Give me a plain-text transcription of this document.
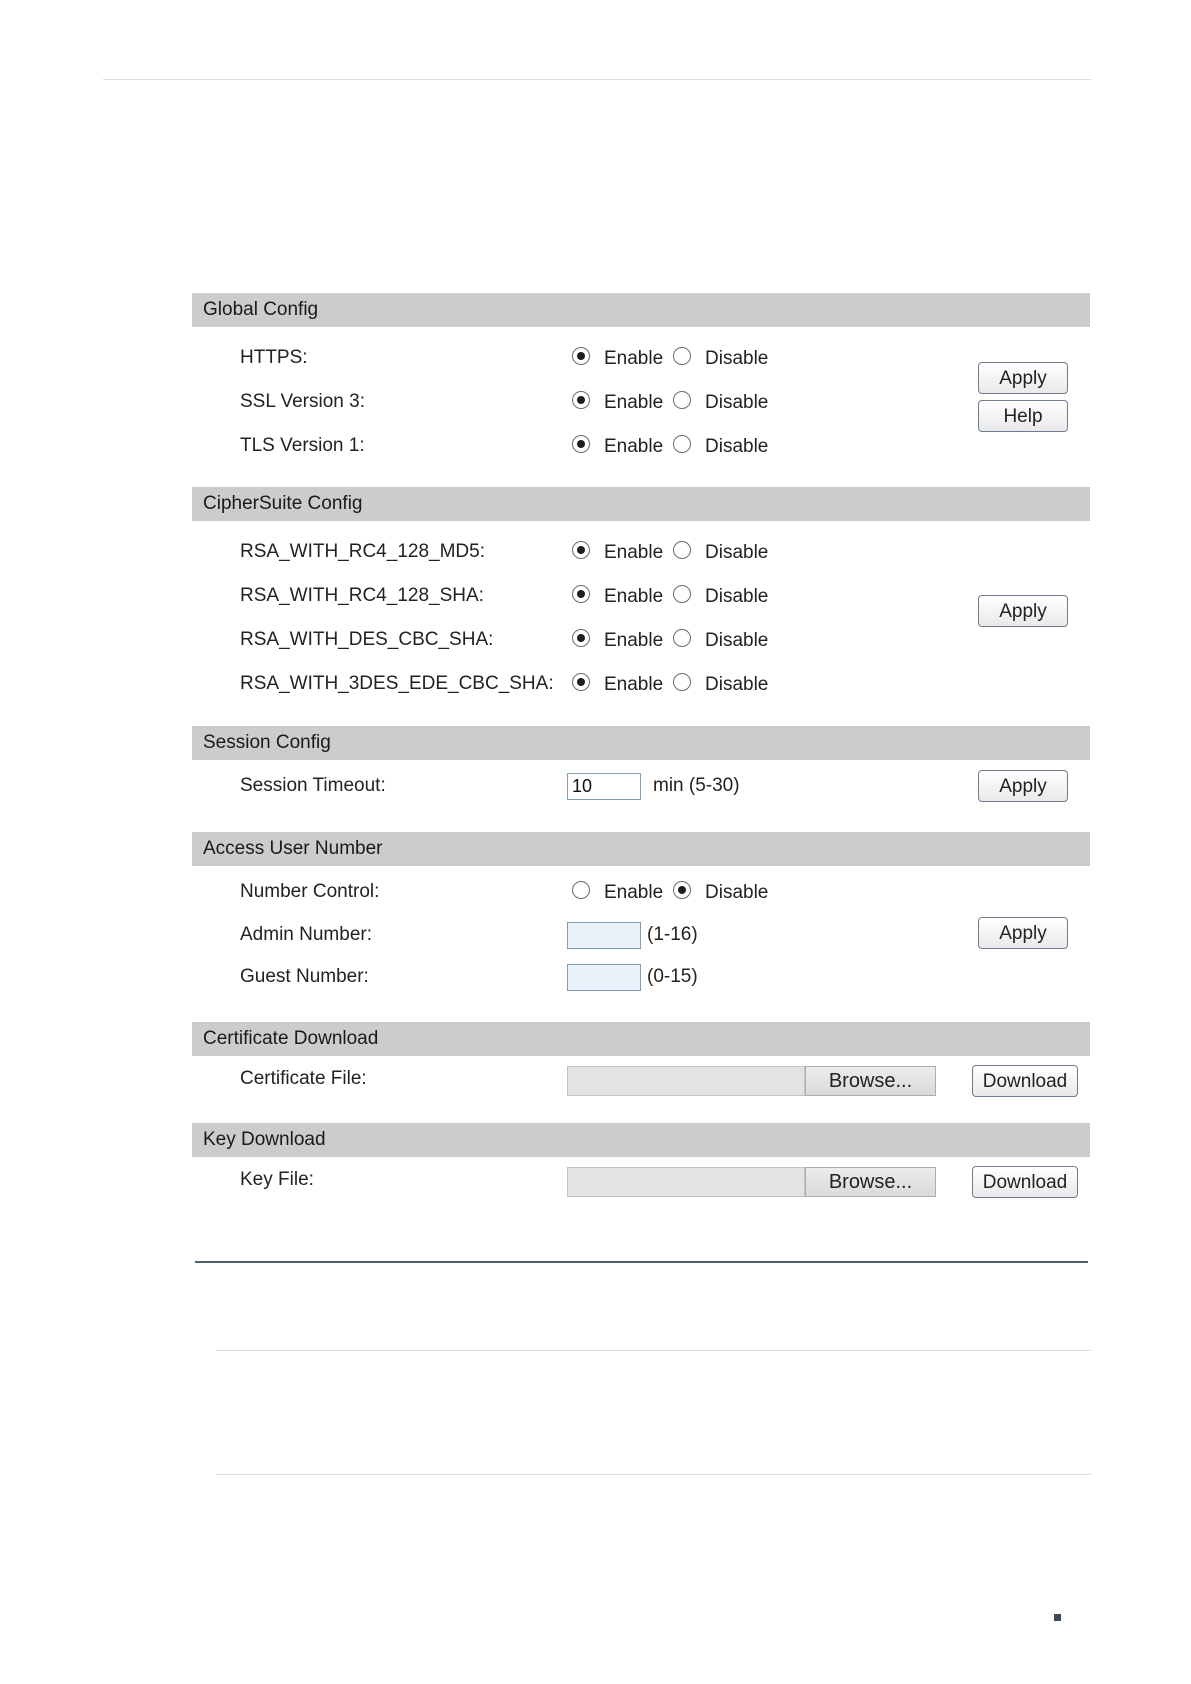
Global Config
HTTPS:	Enable Disable
SSL Version 3:	Enable Disable
TLS Version 1:	Enable Disable
Apply
Help
CipherSuite Config
RSA_WITH_RC4_128_MD5:	Enable Disable
RSA_WITH_RC4_128_SHA:	Enable Disable
RSA_WITH_DES_CBC_SHA:	Enable Disable
RSA_WITH_3DES_EDE_CBC_SHA:	Enable Disable
Apply
Session Config
Session Timeout:
10	min (5-30)	Apply
Access User Number
Number Control:	Enable Disable
Admin Number:	(1-16)
Guest Number:	(0-15)
Apply
Certificate Download
Certificate File:	Browse...	Download
Key Download
Key File:	Browse...	Download
